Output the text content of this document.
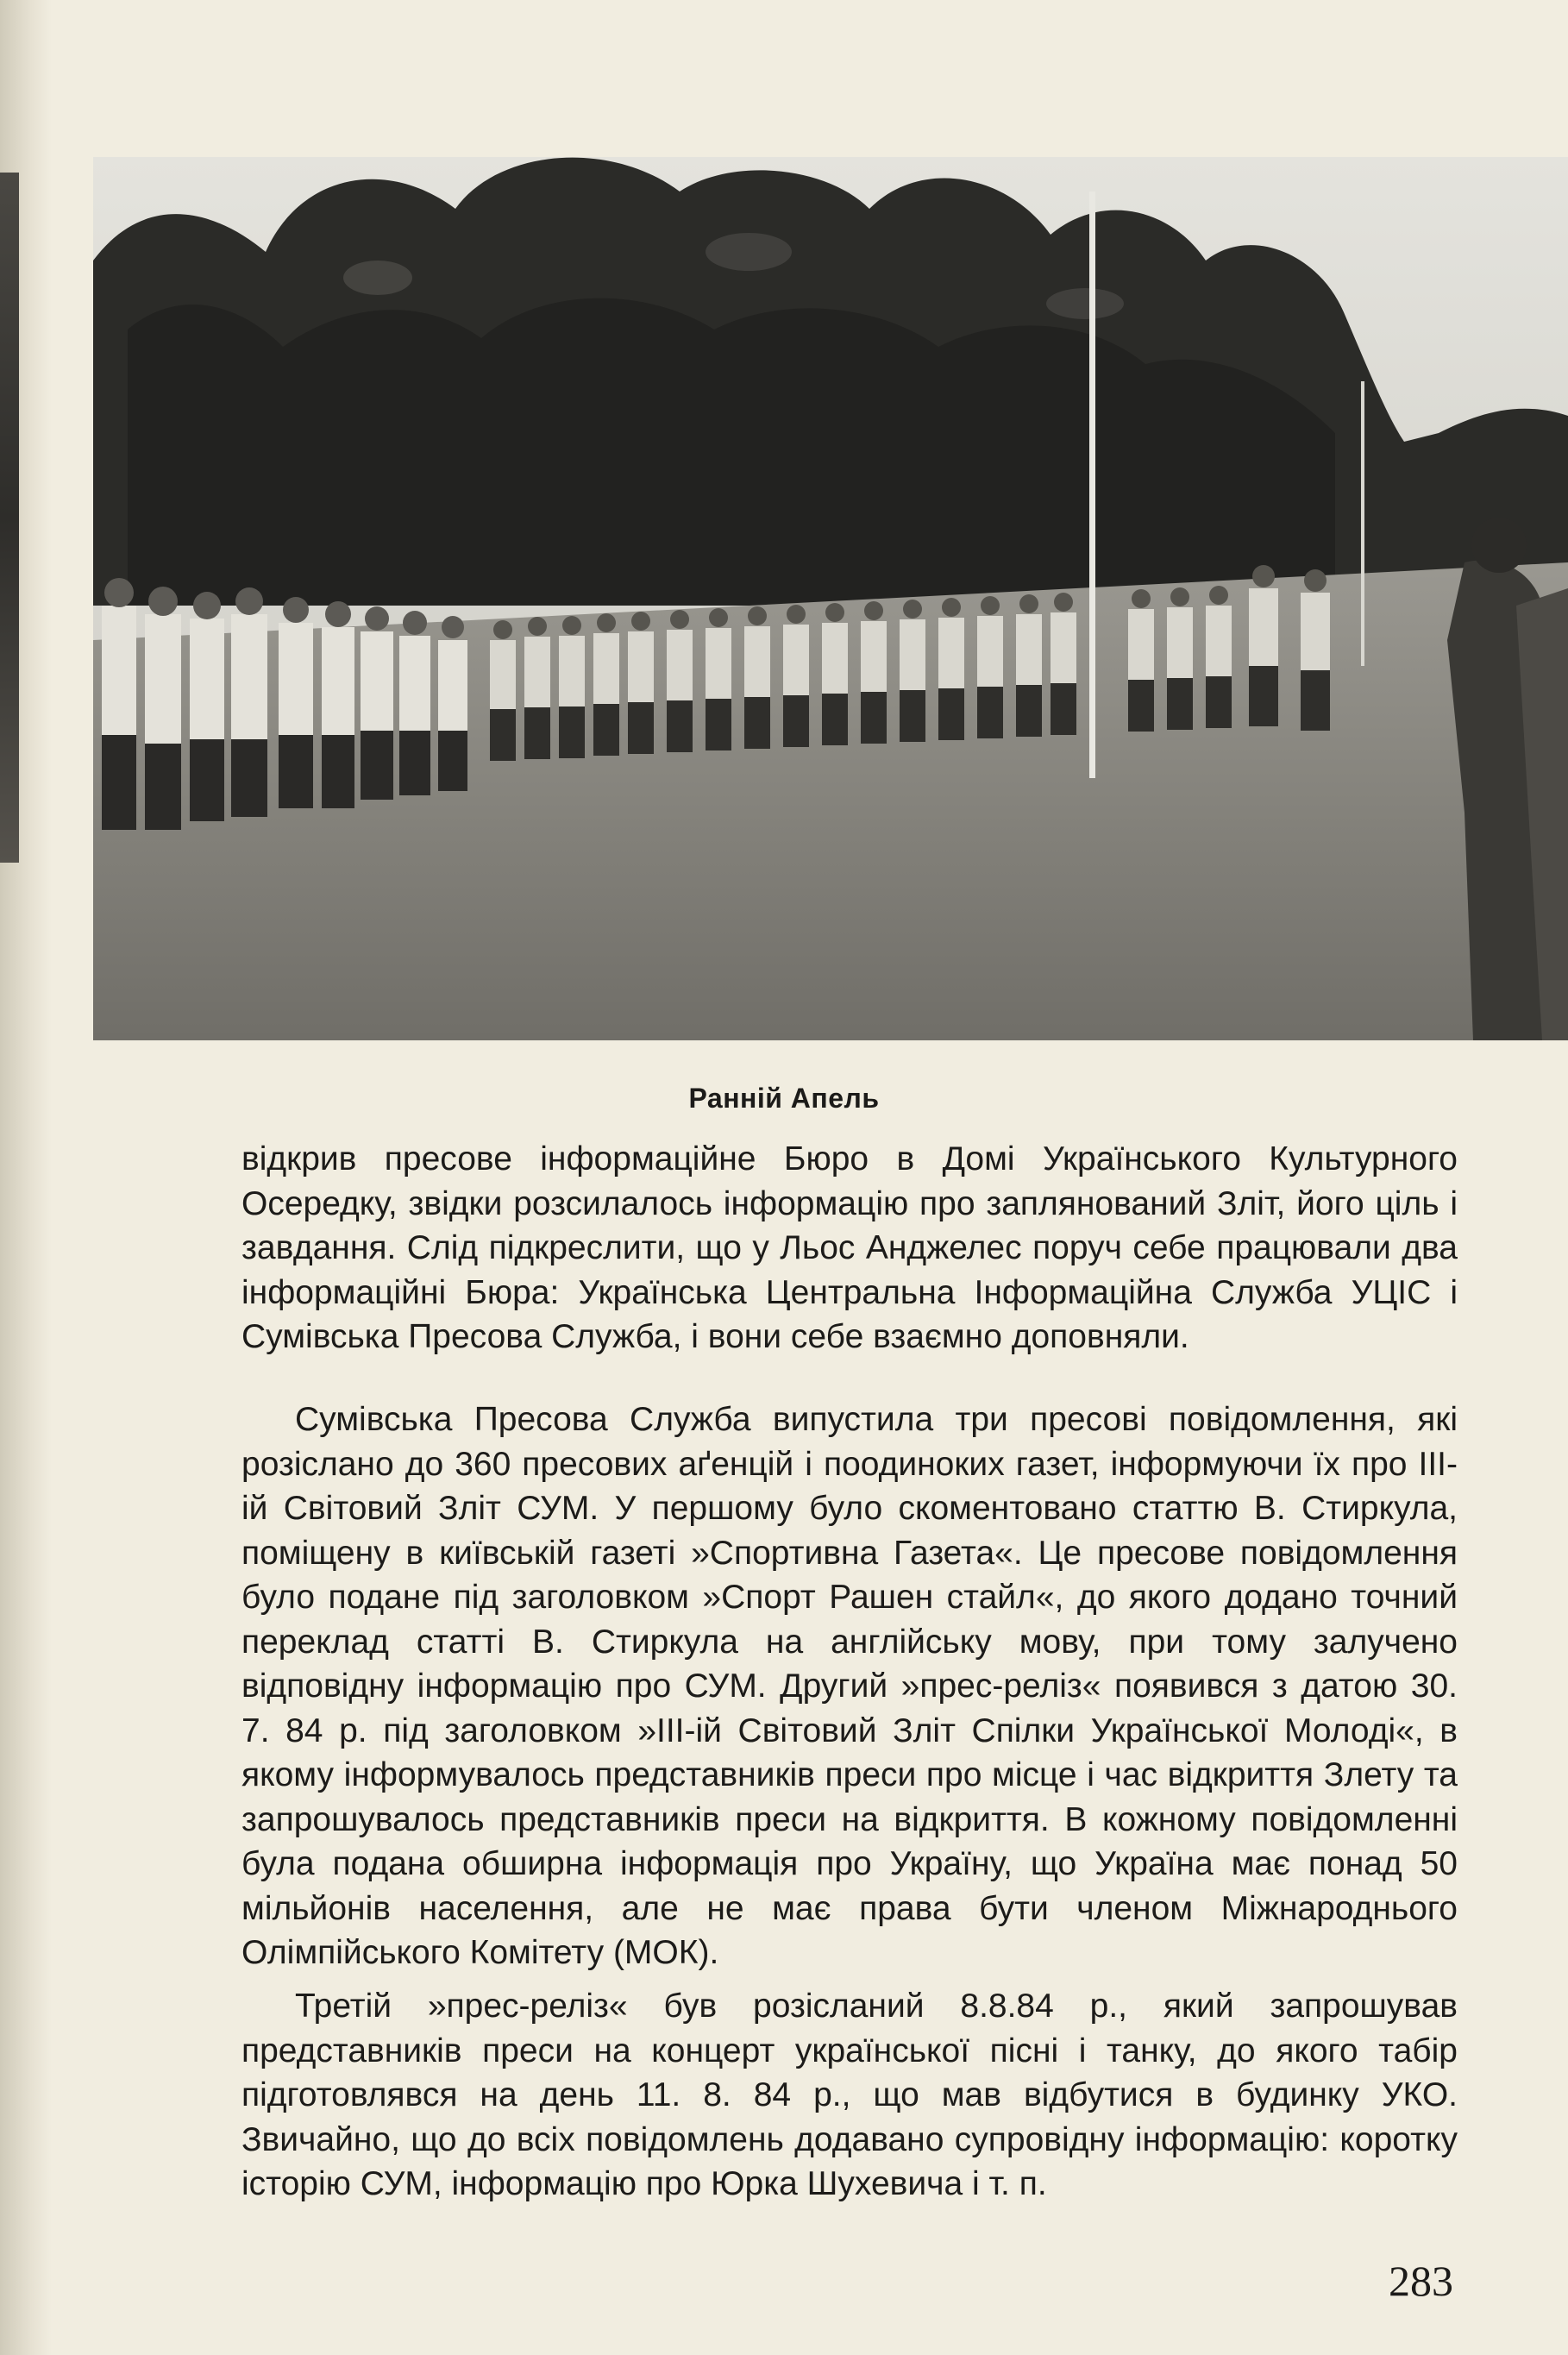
Ранній Апель

відкрив пресове інформаційне Бюро в Домі Українського Культурного Осередку, звідки розсилалось інформацію про заплянований Зліт, його ціль і завдання. Слід підкреслити, що у Льос Анджелес поруч себе працювали два інформаційні Бюра: Українська Центральна Інформаційна Служба УЦІС і Сумівська Пресова Служба, і вони себе взаємно доповняли.

Сумівська Пресова Служба випустила три пресові повідомлення, які розіслано до 360 пресових аґенцій і поодиноких газет, інформуючи їх про ІІІ-ій Світовий Зліт СУМ. У першому було скоментовано статтю В. Стиркула, поміщену в київській газеті »Спортивна Газета«. Це пресове повідомлення було подане під заголовком »Спорт Рашен стайл«, до якого додано точний переклад статті В. Стиркула на англійську мову, при тому залучено відповідну інформацію про СУМ. Другий »прес-реліз« появився з датою 30. 7. 84 р. під заголовком »ІІІ-ій Світовий Зліт Спілки Української Молоді«, в якому інформувалось представників преси про місце і час відкриття Злету та запрошувалось представників преси на відкриття. В кожному повідомленні була подана обширна інформація про Україну, що Україна має понад 50 мільйонів населення, але не має права бути членом Міжнароднього Олімпійського Комітету (МОК).

Третій »прес-реліз« був розісланий 8.8.84 р., який запрошував представників преси на концерт української пісні і танку, до якого табір підготовлявся на день 11. 8. 84 р., що мав відбутися в будинку УКО. Звичайно, що до всіх повідомлень додавано супровідну інформацію: коротку історію СУМ, інформацію про Юрка Шухевича і т. п.

283
